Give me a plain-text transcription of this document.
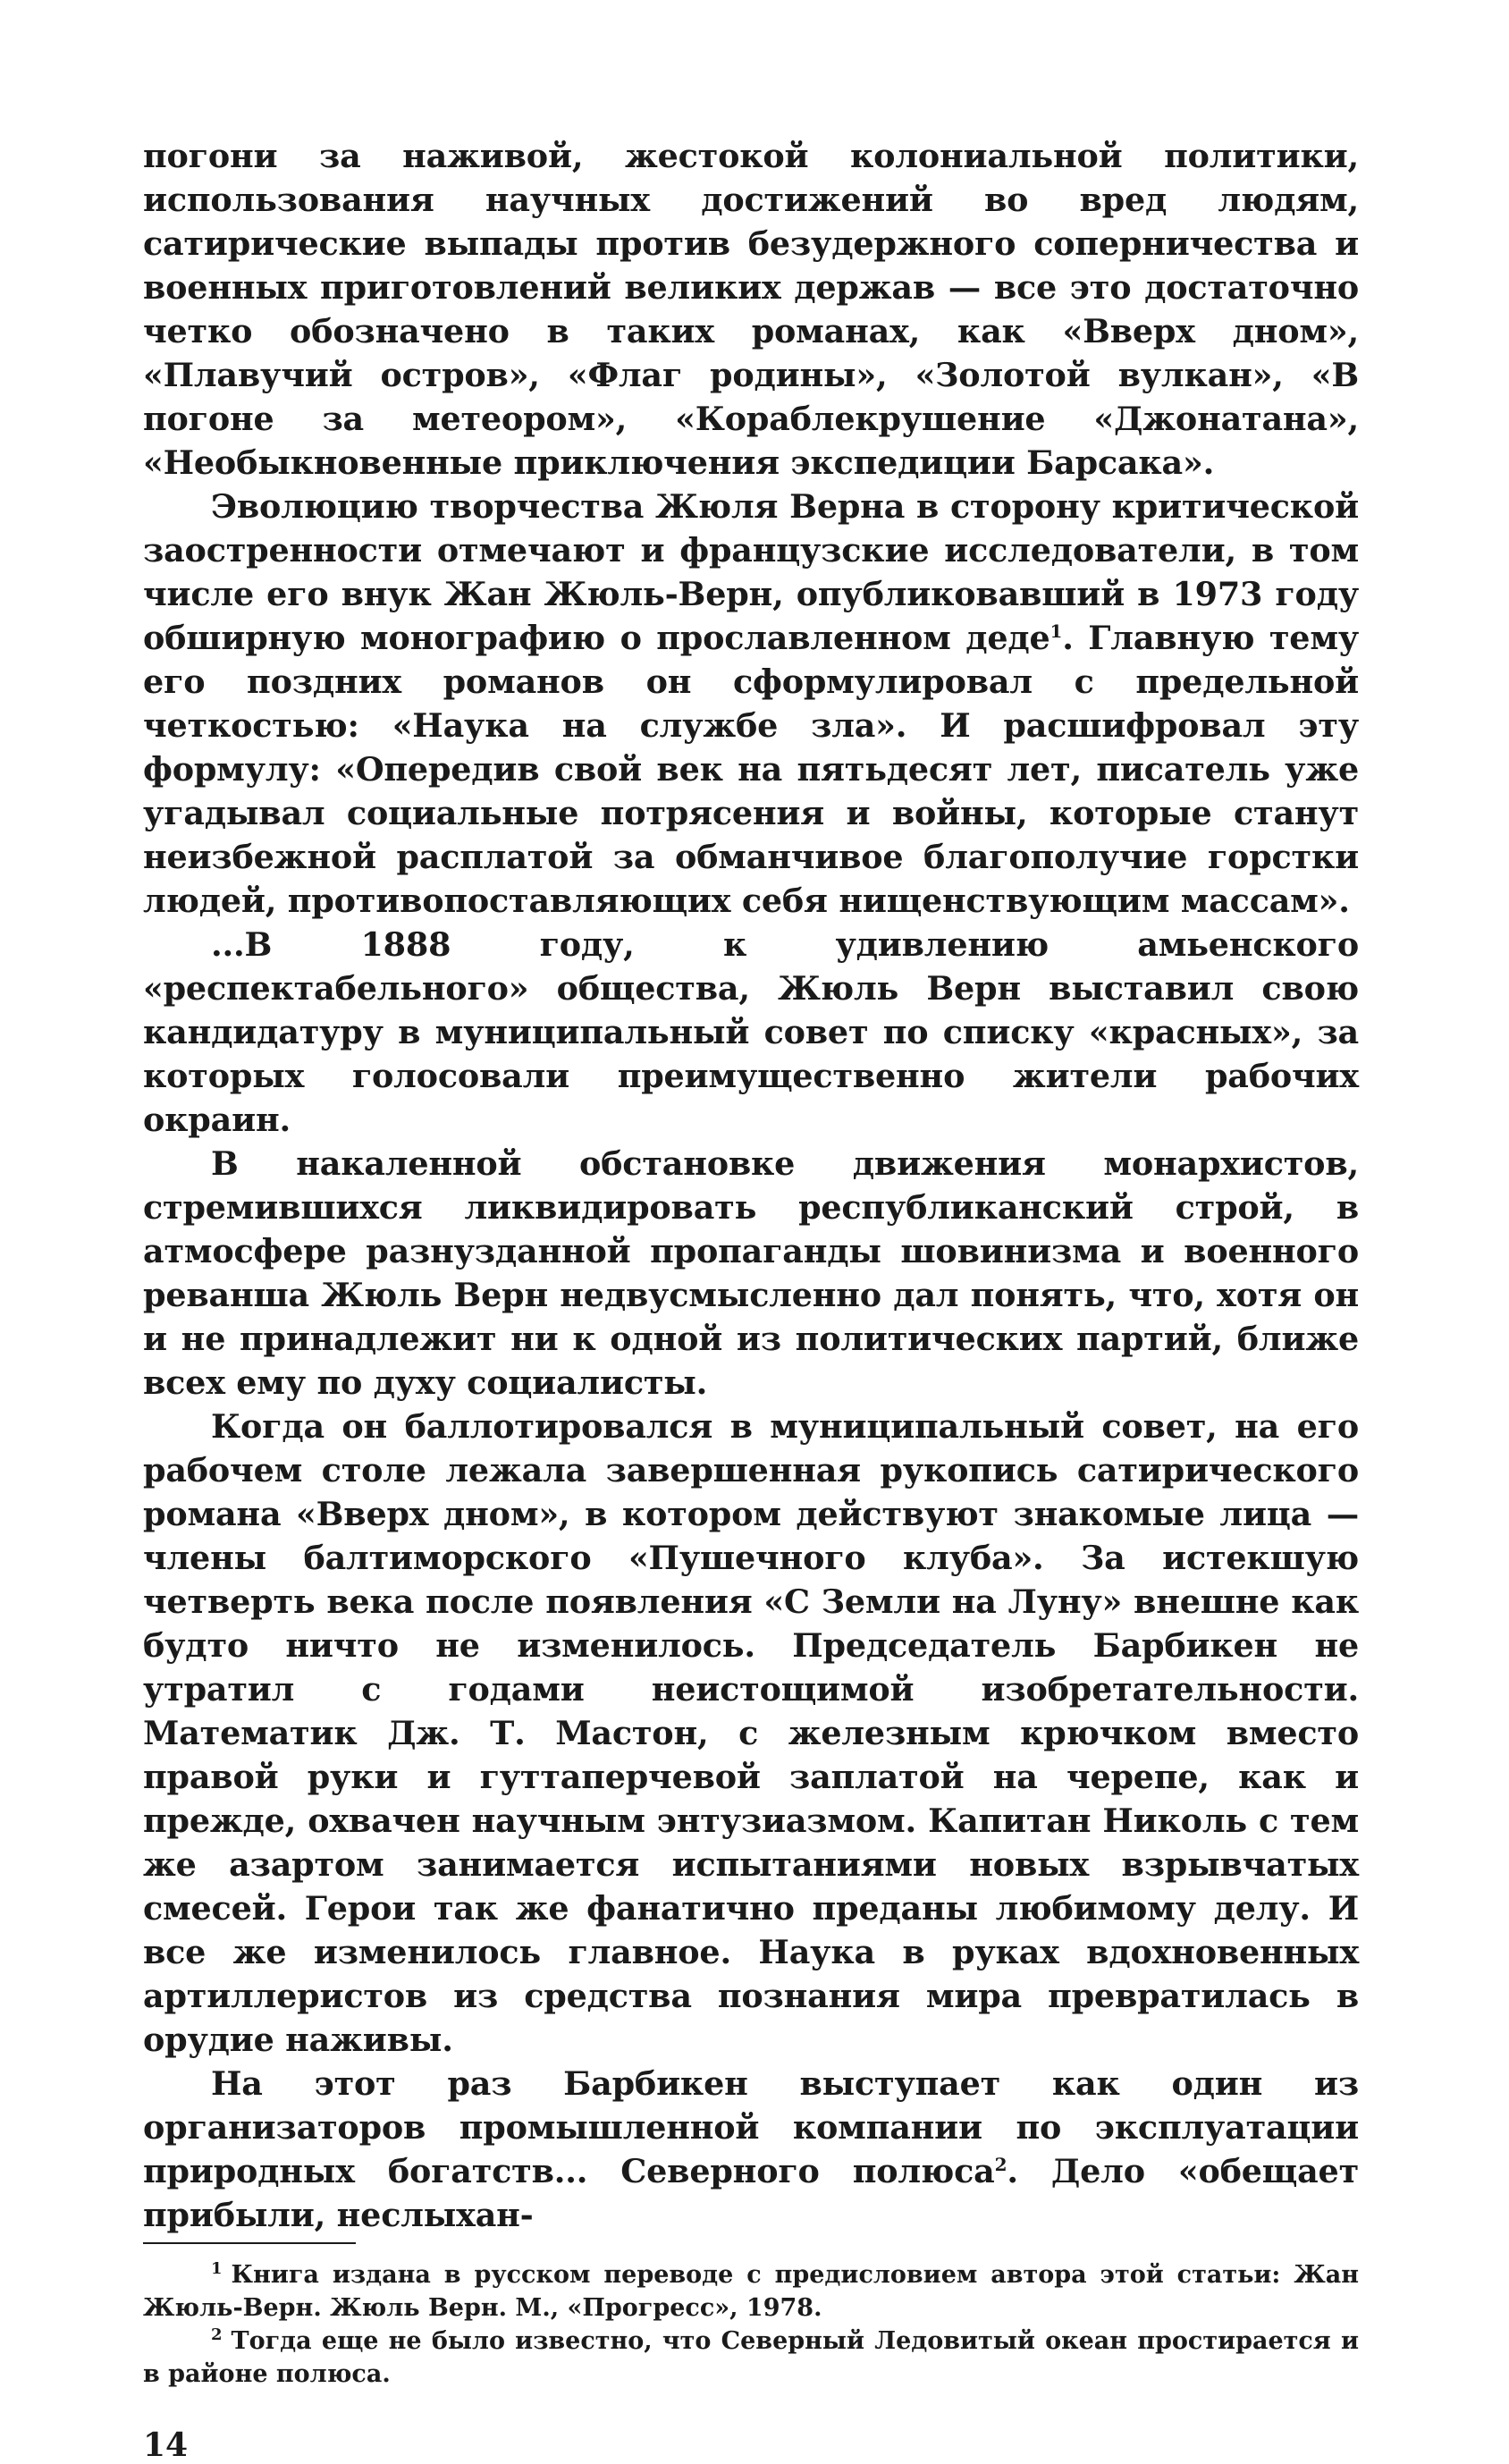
погони за наживой, жестокой колониальной политики, использования научных достижений во вред людям, сатирические выпады против безудержного соперничества и военных приготовлений великих держав — все это достаточно четко обозначено в таких романах, как «Вверх дном», «Плавучий остров», «Флаг родины», «Золотой вулкан», «В погоне за метеором», «Кораблекрушение «Джонатана», «Необыкновенные приключения экспедиции Барсака».

Эволюцию творчества Жюля Верна в сторону критической заостренности отмечают и французские исследователи, в том числе его внук Жан Жюль-Верн, опубликовавший в 1973 году обширную монографию о прославленном деде$^1$. Главную тему его поздних романов он сформулировал с предельной четкостью: «Наука на службе зла». И расшифровал эту формулу: «Опередив свой век на пятьдесят лет, писатель уже угадывал социальные потрясения и войны, которые станут неизбежной расплатой за обманчивое благополучие горстки людей, противопоставляющих себя нищенствующим массам».

...В 1888 году, к удивлению амьенского «респектабельного» общества, Жюль Верн выставил свою кандидатуру в муниципальный совет по списку «красных», за которых голосовали преимущественно жители рабочих окраин.

В накаленной обстановке движения монархистов, стремившихся ликвидировать республиканский строй, в атмосфере разнузданной пропаганды шовинизма и военного реванша Жюль Верн недвусмысленно дал понять, что, хотя он и не принадлежит ни к одной из политических партий, ближе всех ему по духу социалисты.

Когда он баллотировался в муниципальный совет, на его рабочем столе лежала завершенная рукопись сатирического романа «Вверх дном», в котором действуют знакомые лица — члены балтиморского «Пушечного клуба». За истекшую четверть века после появления «С Земли на Луну» внешне как будто ничто не изменилось. Председатель Барбикен не утратил с годами неистощимой изобретательности. Математик Дж. Т. Мастон, с железным крючком вместо правой руки и гуттаперчевой заплатой на черепе, как и прежде, охвачен научным энтузиазмом. Капитан Николь с тем же азартом занимается испытаниями новых взрывчатых смесей. Герои так же фанатично преданы любимому делу. И все же изменилось главное. Наука в руках вдохновенных артиллеристов из средства познания мира превратилась в орудие наживы.

На этот раз Барбикен выступает как один из организаторов промышленной компании по эксплуатации природных богатств... Северного полюса$^2$. Дело «обещает прибыли, неслыхан-

$^1$ Книга издана в русском переводе с предисловием автора этой статьи: Жан Жюль-Верн. Жюль Верн. М., «Прогресс», 1978.

$^2$ Тогда еще не было известно, что Северный Ледовитый океан простирается и в районе полюса.

14
